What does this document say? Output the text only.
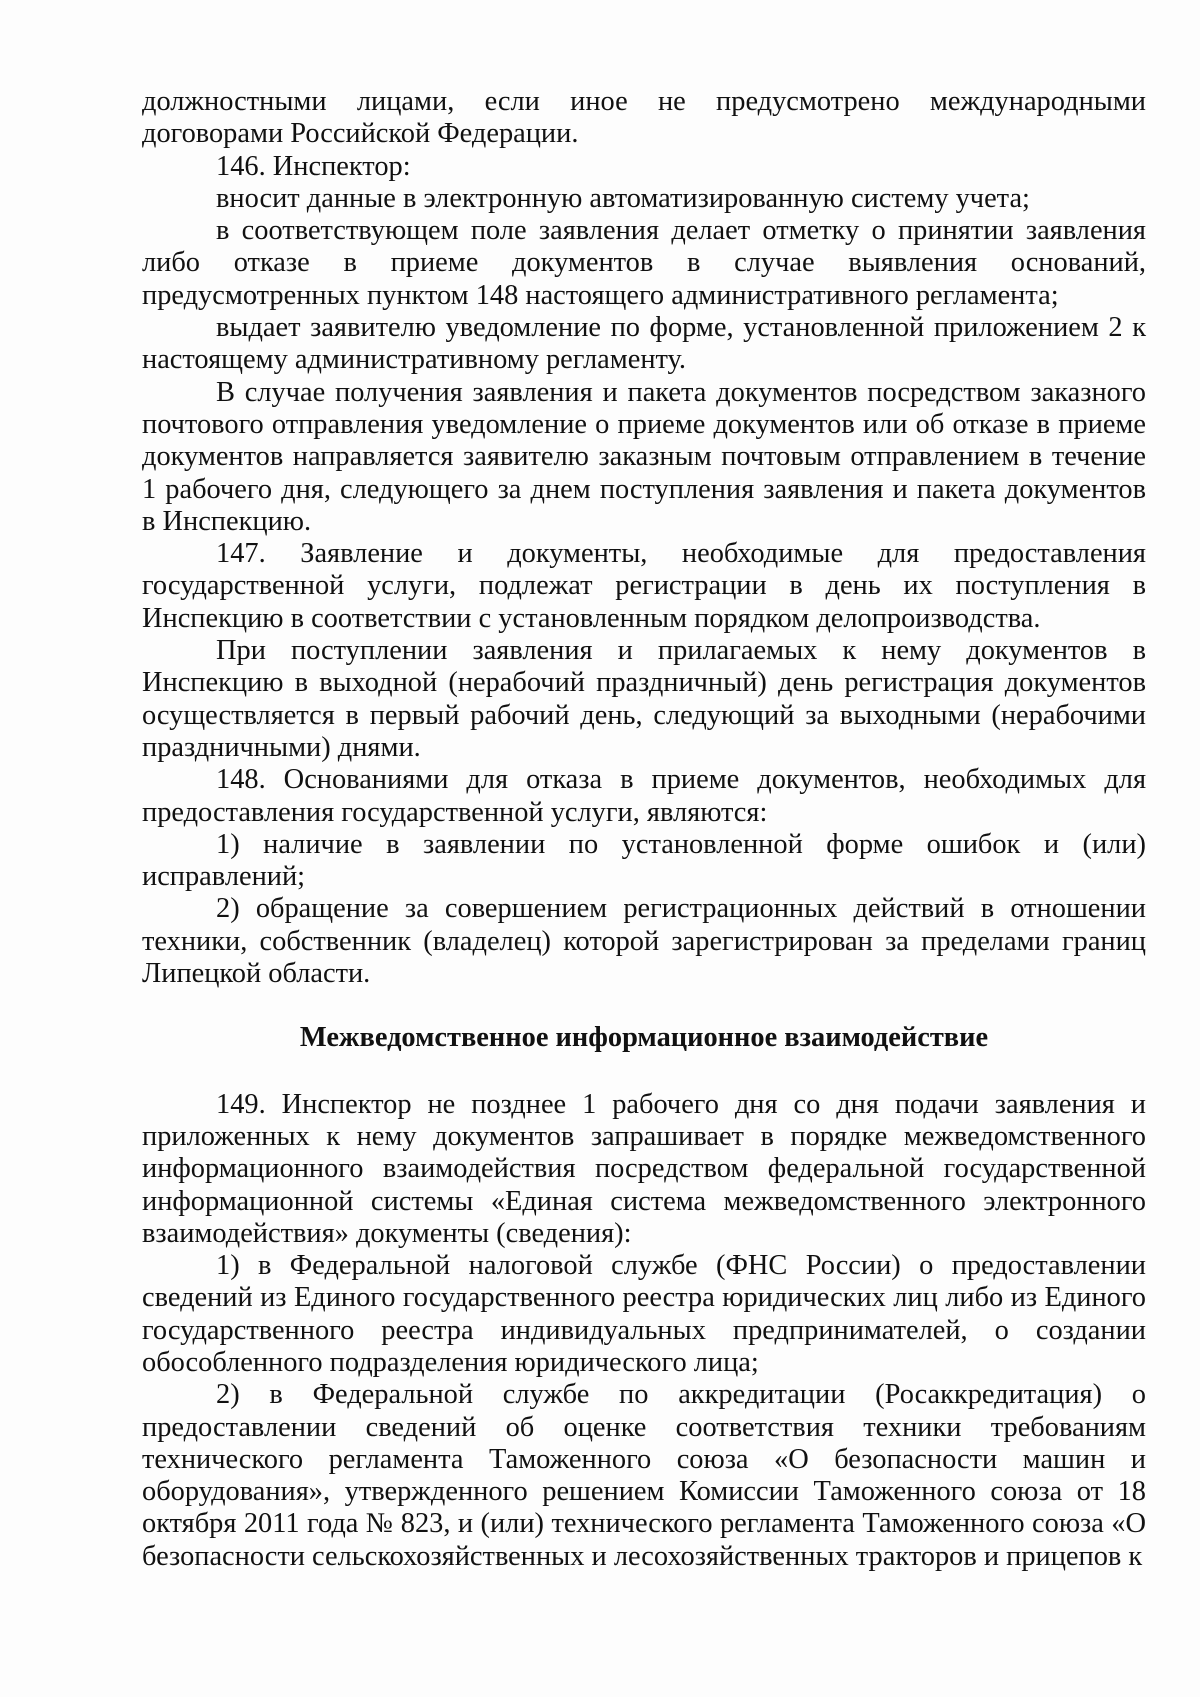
должностными лицами, если иное не предусмотрено международными договорами Российской Федерации.

146. Инспектор:

вносит данные в электронную автоматизированную систему учета;

в соответствующем поле заявления делает отметку о принятии заявления либо отказе в приеме документов в случае выявления оснований, предусмотренных пунктом 148 настоящего административного регламента;

выдает заявителю уведомление по форме, установленной приложением 2 к настоящему административному регламенту.

В случае получения заявления и пакета документов посредством заказного почтового отправления уведомление о приеме документов или об отказе в приеме документов направляется заявителю заказным почтовым отправлением в течение 1 рабочего дня, следующего за днем поступления заявления и пакета документов в Инспекцию.

147. Заявление и документы, необходимые для предоставления государственной услуги, подлежат регистрации в день их поступления в Инспекцию в соответствии с установленным порядком делопроизводства.

При поступлении заявления и прилагаемых к нему документов в Инспекцию в выходной (нерабочий праздничный) день регистрация документов осуществляется в первый рабочий день, следующий за выходными (нерабочими праздничными) днями.

148. Основаниями для отказа в приеме документов, необходимых для предоставления государственной услуги, являются:

1) наличие в заявлении по установленной форме ошибок и (или) исправлений;

2) обращение за совершением регистрационных действий в отношении техники, собственник (владелец) которой зарегистрирован за пределами границ Липецкой области.

Межведомственное информационное взаимодействие

149. Инспектор не позднее 1 рабочего дня со дня подачи заявления и приложенных к нему документов запрашивает в порядке межведомственного информационного взаимодействия посредством федеральной государственной информационной системы «Единая система межведомственного электронного взаимодействия» документы (сведения):

1) в Федеральной налоговой службе (ФНС России) о предоставлении сведений из Единого государственного реестра юридических лиц либо из Единого государственного реестра индивидуальных предпринимателей, о создании обособленного подразделения юридического лица;

2) в Федеральной службе по аккредитации (Росаккредитация) о предоставлении сведений об оценке соответствия техники требованиям технического регламента Таможенного союза «О безопасности машин и оборудования», утвержденного решением Комиссии Таможенного союза от 18 октября 2011 года № 823, и (или) технического регламента Таможенного союза «О безопасности сельскохозяйственных и лесохозяйственных тракторов и прицепов к
